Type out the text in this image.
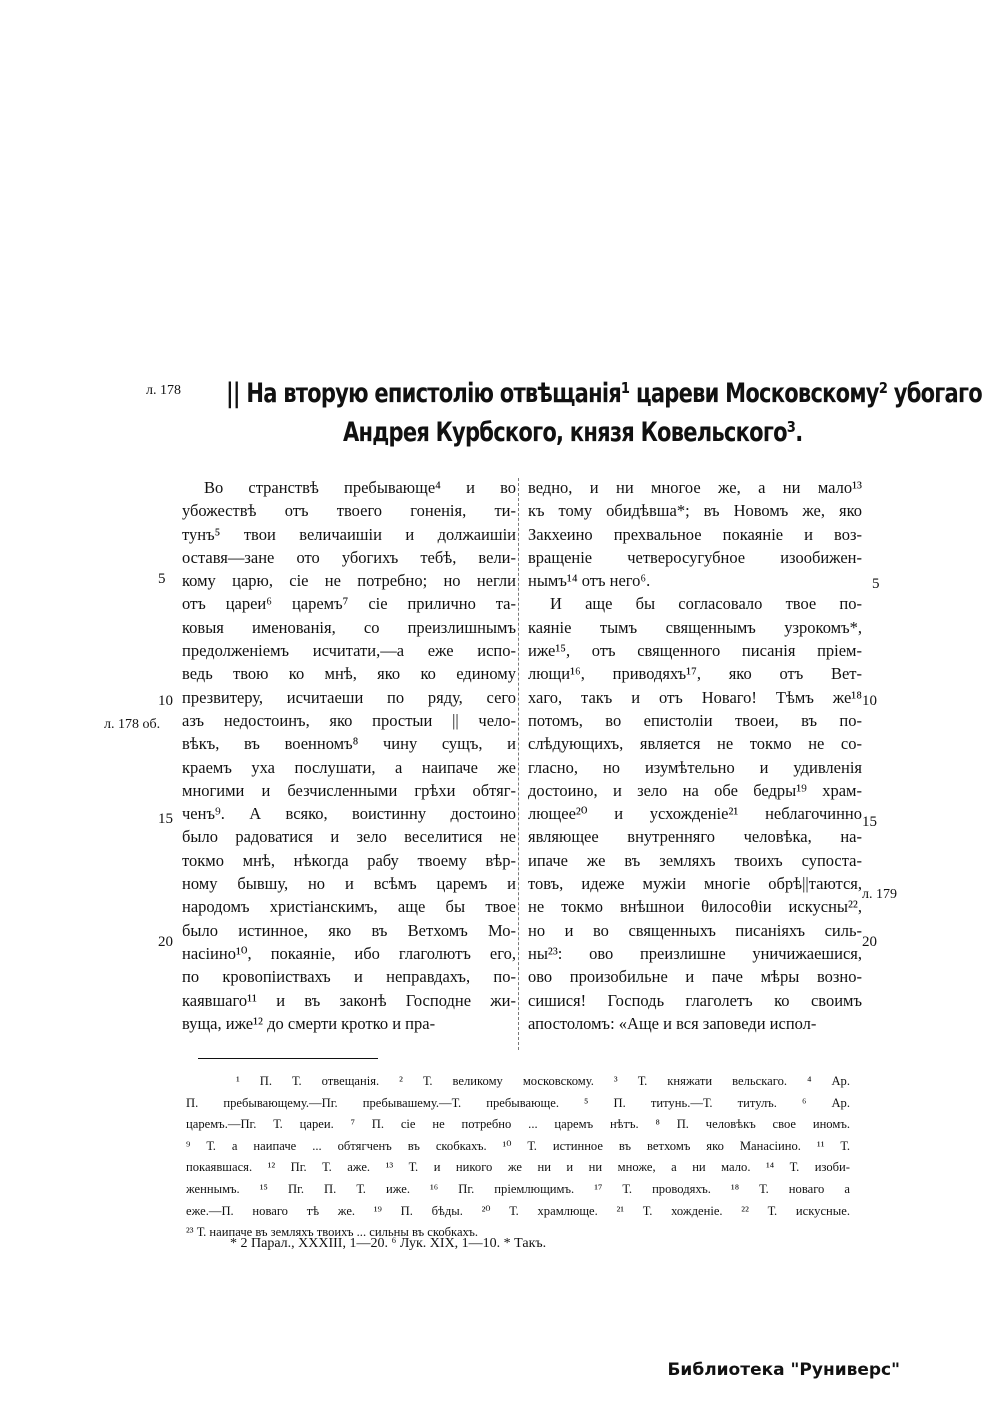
л. 178
л. 178 об.
л. 179
|| На вторую епистолію отвѣщанія¹ цареви Московскому² убогаго
Андрея Курбского, князя Ковельского³.
Во странствѣ пребывающе⁴ и во
убожествѣ отъ твоего гоненія, ти-
тунъ⁵ твои величаишіи и должаишіи
оставя—зане ото убогихъ тебѣ, вели-
кому царю, сіе не потребно; но негли
отъ цареи⁶ царемъ⁷ сіе прилично та-
ковыя именованія, со преизлишнымъ
предолженіемъ исчитати,—а еже испо-
ведь твою ко мнѣ, яко ко единому
презвитеру, исчитаеши по ряду, сего
азъ недостоинъ, яко простыи || чело-
вѣкъ, въ военномъ⁸ чину сущъ, и
краемъ уха послушати, а наипаче же
многими и безчисленными грѣхи обтяг-
ченъ⁹. А всяко, воистинну достоино
было радоватися и зело веселитися не
токмо мнѣ, нѣкогда рабу твоему вѣр-
ному бывшу, но и всѣмъ царемъ и
народомъ христіанскимъ, аще бы твое
было истинное, яко въ Ветхомъ Мо-
насіино¹⁰, покаяніе, ибо глаголютъ его,
по кровопіиствахъ и неправдахъ, по-
каявшаго¹¹ и въ законѣ Господне жи-
вуща, иже¹² до смерти кротко и пра-
ведно, и ни многое же, а ни мало¹³
къ тому обидѣвша*; въ Новомъ же, яко
Закхеино прехвальное покаяніе и воз-
вращеніе четверосугубное изообижен-
нымъ¹⁴ отъ него⁶.
И аще бы согласовало твое по-
каяніе тымъ священнымъ узрокомъ*,
иже¹⁵, отъ священного писанія пріем-
лющи¹⁶, приводяхъ¹⁷, яко отъ Вет-
хаго, такъ и отъ Новаго! Тѣмъ же¹⁸
потомъ, во епистоліи твоеи, въ по-
слѣдующихъ, является не токмо не со-
гласно, но изумѣтельно и удивленія
достоино, и зело на обе бедры¹⁹ храм-
лющее²⁰ и усхожденіе²¹ неблагочинно
являющее внутренняго человѣка, на-
ипаче же въ земляхъ твоихъ супоста-
товъ, идеже мужіи многіе обрѣ||таются,
не токмо внѣшнои θилосоθіи искусны²²,
но и во священныхъ писаніяхъ силь-
ны²³: ово преизлишне уничижаешися,
ово произобильне и паче мѣры возно-
сишися! Господь глаголетъ ко своимъ
апостоломъ: «Аще и вся заповеди испол-
5
10
15
20
5
10
15
20
¹ П. Т. отвещанія. ² Т. великому московскому. ³ Т. княжати вельскаго. ⁴ Ар.
П. пребывающему.—Пг. пребывашему.—Т. пребывающе. ⁵ П. титунь.—Т. титулъ. ⁶ Ар.
царемъ.—Пг. Т. цареи. ⁷ П. сіе не потребно ... царемъ нѣтъ. ⁸ П. человѣкъ свое иномъ.
⁹ Т. а наипаче ... обтягченъ въ скобкахъ. ¹⁰ Т. истинное въ ветхомъ яко Манасіино. ¹¹ Т.
покаявшася. ¹² Пг. Т. аже. ¹³ Т. и никого же ни и ни множе, а ни мало. ¹⁴ Т. изоби-
женнымъ. ¹⁵ Пг. П. Т. иже. ¹⁶ Пг. пріемлющимъ. ¹⁷ Т. проводяхъ. ¹⁸ Т. новаго а
еже.—П. новаго тѣ же. ¹⁹ П. бѣды. ²⁰ Т. храмлюще. ²¹ Т. хожденіе. ²² Т. искусные.
²³ Т. наипаче въ земляхъ твоихъ ... сильны въ скобкахъ.
* 2 Парал., XXXIII, 1—20. ⁶ Лук. XIX, 1—10. * Такъ.
Библиотека "Руниверс"
